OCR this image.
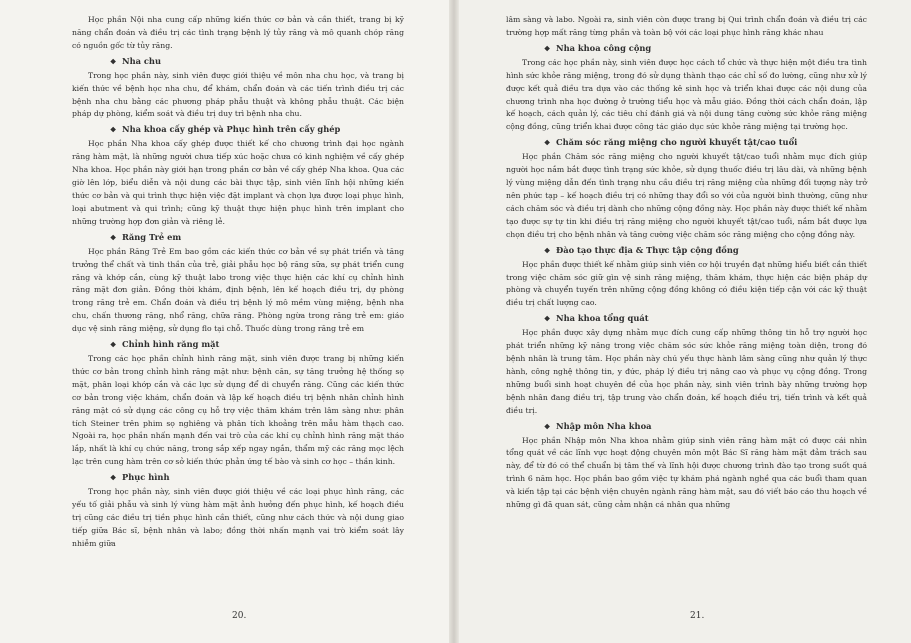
Học phần Nội nha cung cấp những kiến thức cơ bản và cần thiết, trang bị kỹ năng chẩn đoán và điều trị các tình trạng bệnh lý tủy răng và mô quanh chóp răng có nguồn gốc từ tủy răng.

❖ Nha chu

Trong học phần này, sinh viên được giới thiệu về môn nha chu học, và trang bị kiến thức về bệnh học nha chu, để khám, chẩn đoán và các tiến trình điều trị các bệnh nha chu bằng các phương pháp phẫu thuật và không phẫu thuật. Các biện pháp dự phòng, kiểm soát và điều trị duy trì bệnh nha chu.

❖ Nha khoa cấy ghép và Phục hình trên cấy ghép

Học phần Nha khoa cấy ghép được thiết kế cho chương trình đại học ngành răng hàm mặt, là những người chưa tiếp xúc hoặc chưa có kinh nghiệm về cấy ghép Nha khoa. Học phần này giới hạn trong phần cơ bản về cấy ghép Nha khoa. Qua các giờ lên lớp, biểu diễn và nội dung các bài thực tập, sinh viên lĩnh hội những kiến thức cơ bản và qui trình thực hiện việc đặt implant và chọn lựa được loại phục hình, loại abutment và qui trình; cũng kỹ thuật thực hiện phục hình trên implant cho những trường hợp đơn giản và riêng lẻ.

❖ Răng Trẻ em

Học phần Răng Trẻ Em bao gồm các kiến thức cơ bản về sự phát triển và tăng trưởng thể chất và tinh thần của trẻ, giải phẫu học bộ răng sữa, sự phát triển cung răng và khớp cắn, cùng kỹ thuật labo trong việc thực hiện các khí cụ chỉnh hình răng mặt đơn giản. Đồng thời khám, định bệnh, lên kế hoạch điều trị, dự phòng trong răng trẻ em. Chẩn đoán và điều trị bệnh lý mô mềm vùng miệng, bệnh nha chu, chấn thương răng, nhổ răng, chữa răng. Phòng ngừa trong răng trẻ em: giáo dục vệ sinh răng miệng, sử dụng flo tại chỗ. Thuốc dùng trong răng trẻ em

❖ Chỉnh hình răng mặt

Trong các học phần chỉnh hình răng mặt, sinh viên được trang bị những kiến thức cơ bản trong chỉnh hình răng mặt như: bệnh căn, sự tăng trưởng hệ thống sọ mặt, phân loại khớp cắn và các lực sử dụng để di chuyển răng. Cũng các kiến thức cơ bản trong việc khám, chẩn đoán và lập kế hoạch điều trị bệnh nhân chỉnh hình răng mặt có sử dụng các công cụ hỗ trợ việc thăm khám trên lâm sàng như: phân tích Steiner trên phim sọ nghiêng và phân tích khoảng trên mẫu hàm thạch cao. Ngoài ra, học phần nhấn mạnh đến vai trò của các khí cụ chỉnh hình răng mặt tháo lắp, nhất là khí cụ chức năng, trong sắp xếp ngay ngắn, thẩm mỹ các răng mọc lệch lạc trên cung hàm trên cơ sở kiến thức phản ứng tế bào và sinh cơ học – thần kinh.

❖ Phục hình

Trong học phần này, sinh viên được giới thiệu về các loại phục hình răng, các yếu tố giải phẫu và sinh lý vùng hàm mặt ảnh hưởng đến phục hình, kế hoạch điều trị cũng các điều trị tiền phục hình cần thiết, cũng như cách thức và nội dung giao tiếp giữa Bác sĩ, bệnh nhân và labo; đồng thời nhấn mạnh vai trò kiểm soát lây nhiễm giữa

20.

lâm sàng và labo. Ngoài ra, sinh viên còn được trang bị Qui trình chẩn đoán và điều trị các trường hợp mất răng từng phần và toàn bộ với các loại phục hình răng khác nhau

❖ Nha khoa công cộng

Trong các học phần này, sinh viên được học cách tổ chức và thực hiện một điều tra tình hình sức khỏe răng miệng, trong đó sử dụng thành thạo các chỉ số đo lường, cũng như xử lý được kết quả điều tra dựa vào các thống kê sinh học và triển khai được các nội dung của chương trình nha học đường ở trường tiểu học và mẫu giáo. Đồng thời cách chẩn đoán, lập kế hoạch, cách quản lý, các tiêu chí đánh giá và nội dung tăng cường sức khỏe răng miệng cộng đồng, cũng triển khai được công tác giáo dục sức khỏe răng miệng tại trường học.

❖ Chăm sóc răng miệng cho người khuyết tật/cao tuổi

Học phần Chăm sóc răng miệng cho người khuyết tật/cao tuổi nhằm mục đích giúp người học nắm bắt được tình trạng sức khỏe, sử dụng thuốc điều trị lâu dài, và những bệnh lý vùng miệng dẫn đến tình trạng nhu cầu điều trị răng miệng của những đối tượng này trở nên phức tạp – kế hoạch điều trị có những thay đổi so với của người bình thường, cũng như cách chăm sóc và điều trị dành cho những cộng đồng này. Học phần này được thiết kế nhằm tạo được sự tự tin khi điều trị răng miệng cho người khuyết tật/cao tuổi, nắm bắt được lựa chọn điều trị cho bệnh nhân và tăng cường việc chăm sóc răng miệng cho cộng đồng này.

❖ Đào tạo thực địa & Thực tập cộng đồng

Học phần được thiết kế nhằm giúp sinh viên cơ hội truyền đạt những hiểu biết cần thiết trong việc chăm sóc giữ gìn vệ sinh răng miệng, thăm khám, thực hiện các biện pháp dự phòng và chuyển tuyến trên những cộng đồng không có điều kiện tiếp cận với các kỹ thuật điều trị chất lượng cao.

❖ Nha khoa tổng quát

Học phần được xây dựng nhằm mục đích cung cấp những thông tin hỗ trợ người học phát triển những kỹ năng trong việc chăm sóc sức khỏe răng miệng toàn diện, trong đó bệnh nhân là trung tâm. Học phần này chú yếu thực hành lâm sàng cũng như quản lý thực hành, công nghệ thông tin, y đức, pháp lý điều trị nâng cao và phục vụ cộng đồng. Trong những buổi sinh hoạt chuyên đề của học phần này, sinh viên trình bày những trường hợp bệnh nhân đang điều trị, tập trung vào chẩn đoán, kế hoạch điều trị, tiến trình và kết quả điều trị.

❖ Nhập môn Nha khoa

Học phần Nhập môn Nha khoa nhằm giúp sinh viên răng hàm mặt có được cái nhìn tổng quát về các lĩnh vực hoạt động chuyên môn một Bác Sĩ răng hàm mặt đảm trách sau này, để từ đó có thể chuẩn bị tâm thế và lĩnh hội được chương trình đào tạo trong suốt quá trình 6 năm học. Học phần bao gồm việc tự khám phá ngành nghề qua các buổi tham quan và kiến tập tại các bệnh viện chuyên ngành răng hàm mặt, sau đó viết báo cáo thu hoạch về những gì đã quan sát, cũng cảm nhận cá nhân qua những

21.
